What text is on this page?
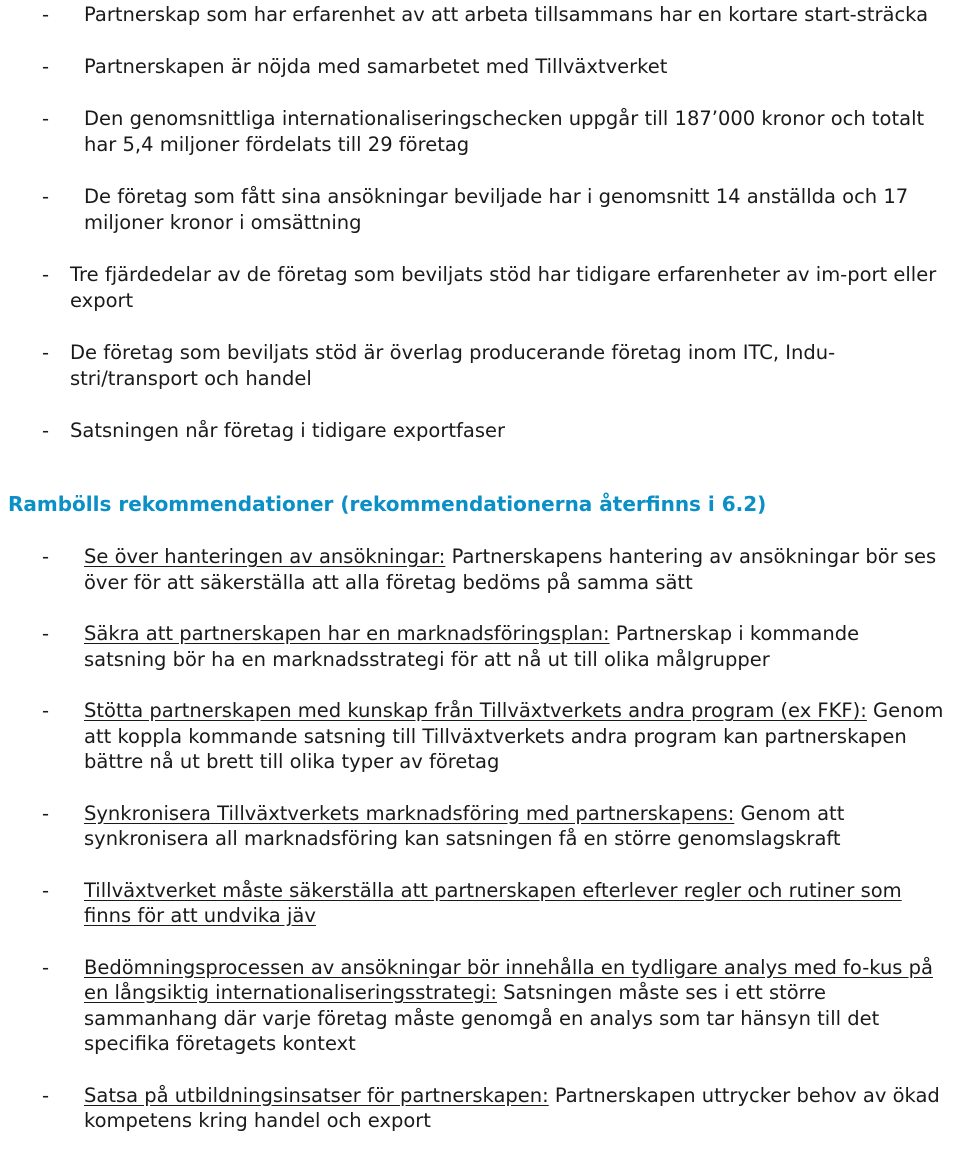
- Partnerskap som har erfarenhet av att arbeta tillsammans har en kortare start-sträcka
- Partnerskapen är nöjda med samarbetet med Tillväxtverket
- Den genomsnittliga internationaliseringschecken uppgår till 187’000 kronor och totalt har 5,4 miljoner fördelats till 29 företag
- De företag som fått sina ansökningar beviljade har i genomsnitt 14 anställda och 17 miljoner kronor i omsättning
- Tre fjärdedelar av de företag som beviljats stöd har tidigare erfarenheter av im-port eller export
- De företag som beviljats stöd är överlag producerande företag inom ITC, Indu-stri/transport och handel
- Satsningen når företag i tidigare exportfaser
Rambölls rekommendationer (rekommendationerna återfinns i 6.2)
- Se över hanteringen av ansökningar: Partnerskapens hantering av ansökningar bör ses över för att säkerställa att alla företag bedöms på samma sätt
- Säkra att partnerskapen har en marknadsföringsplan: Partnerskap i kommande satsning bör ha en marknadsstrategi för att nå ut till olika målgrupper
- Stötta partnerskapen med kunskap från Tillväxtverkets andra program (ex FKF): Genom att koppla kommande satsning till Tillväxtverkets andra program kan partnerskapen bättre nå ut brett till olika typer av företag
- Synkronisera Tillväxtverkets marknadsföring med partnerskapens: Genom att synkronisera all marknadsföring kan satsningen få en större genomslagskraft
- Tillväxtverket måste säkerställa att partnerskapen efterlever regler och rutiner som finns för att undvika jäv
- Bedömningsprocessen av ansökningar bör innehålla en tydligare analys med fo-kus på en långsiktig internationaliseringsstrategi: Satsningen måste ses i ett större sammanhang där varje företag måste genomgå en analys som tar hänsyn till det specifika företagets kontext
- Satsa på utbildningsinsatser för partnerskapen: Partnerskapen uttrycker behov av ökad kompetens kring handel och export
